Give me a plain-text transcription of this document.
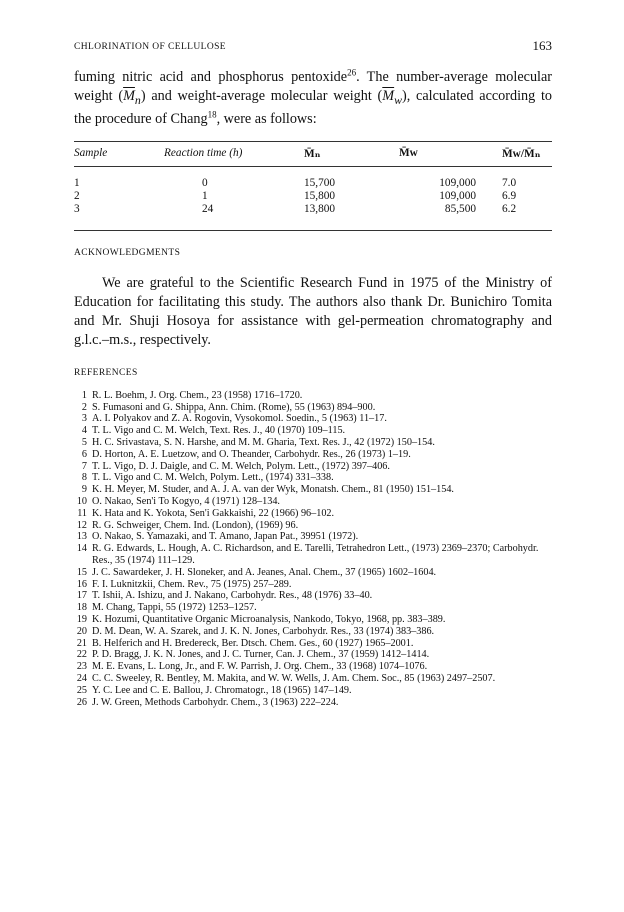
CHLORINATION OF CELLULOSE	163

fuming nitric acid and phosphorus pentoxide$^{26}$. The number-average molecular weight $(\overline{M}_n)$ and weight-average molecular weight $(\overline{M}_w)$, calculated according to the procedure of Chang$^{18}$, were as follows:

Sample	Reaction time (h)	M̄ₙ	M̄w	M̄w/M̄ₙ
1	0	15,700	109,000	7.0
2	1	15,800	109,000	6.9
3	24	13,800	85,500	6.2
ACKNOWLEDGMENTS

We are grateful to the Scientific Research Fund in 1975 of the Ministry of Education for facilitating this study. The authors also thank Dr. Bunichiro Tomita and Mr. Shuji Hosoya for assistance with gel-permeation chromatography and g.l.c.–m.s., respectively.

REFERENCES
1 R. L. Boehm, J. Org. Chem., 23 (1958) 1716–1720.
2 S. Fumasoni and G. Shippa, Ann. Chim. (Rome), 55 (1963) 894–900.
3 A. I. Polyakov and Z. A. Rogovin, Vysokomol. Soedin., 5 (1963) 11–17.
4 T. L. Vigo and C. M. Welch, Text. Res. J., 40 (1970) 109–115.
5 H. C. Srivastava, S. N. Harshe, and M. M. Gharia, Text. Res. J., 42 (1972) 150–154.
6 D. Horton, A. E. Luetzow, and O. Theander, Carbohydr. Res., 26 (1973) 1–19.
7 T. L. Vigo, D. J. Daigle, and C. M. Welch, Polym. Lett., (1972) 397–406.
8 T. L. Vigo and C. M. Welch, Polym. Lett., (1974) 331–338.
9 K. H. Meyer, M. Studer, and A. J. A. van der Wyk, Monatsh. Chem., 81 (1950) 151–154.
10 O. Nakao, Sen'i To Kogyo, 4 (1971) 128–134.
11 K. Hata and K. Yokota, Sen'i Gakkaishi, 22 (1966) 96–102.
12 R. G. Schweiger, Chem. Ind. (London), (1969) 96.
13 O. Nakao, S. Yamazaki, and T. Amano, Japan Pat., 39951 (1972).
14 R. G. Edwards, L. Hough, A. C. Richardson, and E. Tarelli, Tetrahedron Lett., (1973) 2369–2370; Carbohydr. Res., 35 (1974) 111–129.
15 J. C. Sawardeker, J. H. Sloneker, and A. Jeanes, Anal. Chem., 37 (1965) 1602–1604.
16 F. I. Luknitzkii, Chem. Rev., 75 (1975) 257–289.
17 T. Ishii, A. Ishizu, and J. Nakano, Carbohydr. Res., 48 (1976) 33–40.
18 M. Chang, Tappi, 55 (1972) 1253–1257.
19 K. Hozumi, Quantitative Organic Microanalysis, Nankodo, Tokyo, 1968, pp. 383–389.
20 D. M. Dean, W. A. Szarek, and J. K. N. Jones, Carbohydr. Res., 33 (1974) 383–386.
21 B. Helferich and H. Bredereck, Ber. Dtsch. Chem. Ges., 60 (1927) 1965–2001.
22 P. D. Bragg, J. K. N. Jones, and J. C. Turner, Can. J. Chem., 37 (1959) 1412–1414.
23 M. E. Evans, L. Long, Jr., and F. W. Parrish, J. Org. Chem., 33 (1968) 1074–1076.
24 C. C. Sweeley, R. Bentley, M. Makita, and W. W. Wells, J. Am. Chem. Soc., 85 (1963) 2497–2507.
25 Y. C. Lee and C. E. Ballou, J. Chromatogr., 18 (1965) 147–149.
26 J. W. Green, Methods Carbohydr. Chem., 3 (1963) 222–224.
